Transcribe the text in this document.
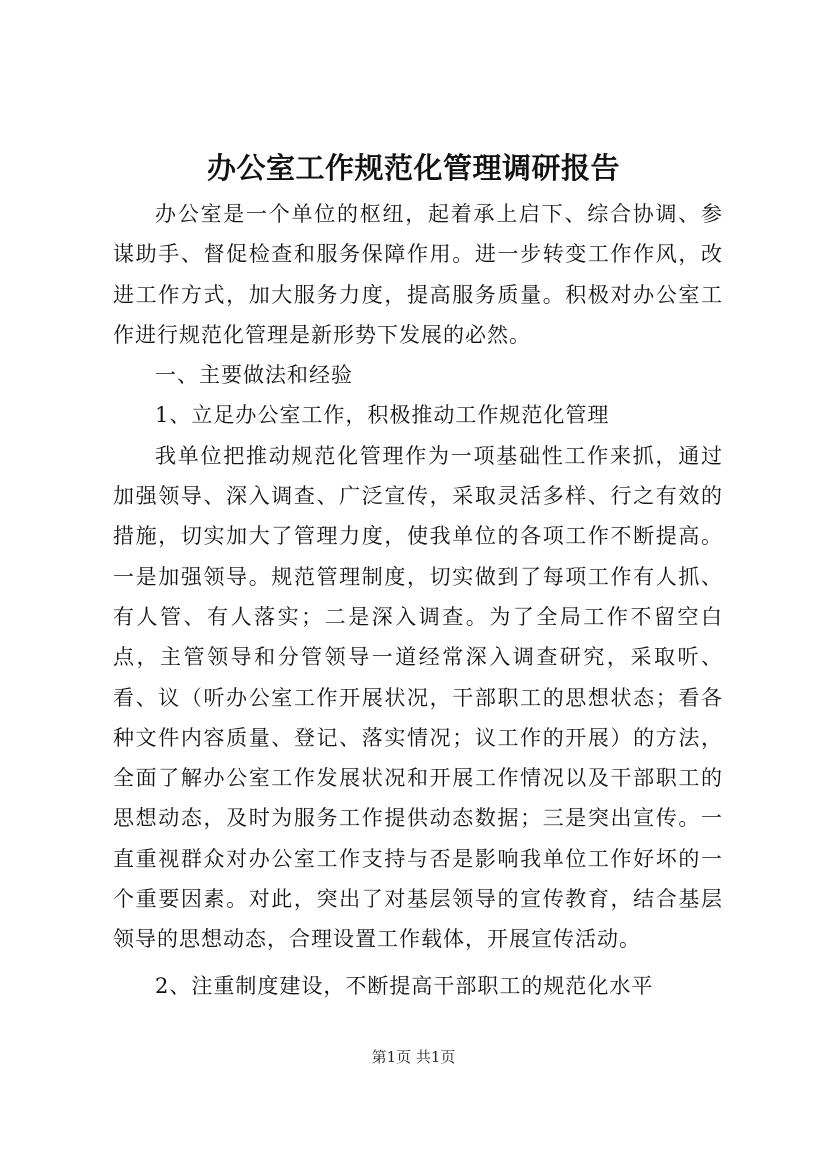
办公室工作规范化管理调研报告

办公室是一个单位的枢纽，起着承上启下、综合协调、参谋助手、督促检查和服务保障作用。进一步转变工作作风，改进工作方式，加大服务力度，提高服务质量。积极对办公室工作进行规范化管理是新形势下发展的必然。

一、主要做法和经验

1、立足办公室工作，积极推动工作规范化管理

我单位把推动规范化管理作为一项基础性工作来抓，通过加强领导、深入调查、广泛宣传，采取灵活多样、行之有效的措施，切实加大了管理力度，使我单位的各项工作不断提高。一是加强领导。规范管理制度，切实做到了每项工作有人抓、有人管、有人落实；二是深入调查。为了全局工作不留空白点，主管领导和分管领导一道经常深入调查研究，采取听、看、议（听办公室工作开展状况，干部职工的思想状态；看各种文件内容质量、登记、落实情况；议工作的开展）的方法，全面了解办公室工作发展状况和开展工作情况以及干部职工的思想动态，及时为服务工作提供动态数据；三是突出宣传。一直重视群众对办公室工作支持与否是影响我单位工作好坏的一个重要因素。对此，突出了对基层领导的宣传教育，结合基层领导的思想动态，合理设置工作载体，开展宣传活动。

2、注重制度建设，不断提高干部职工的规范化水平

第1页 共1页
